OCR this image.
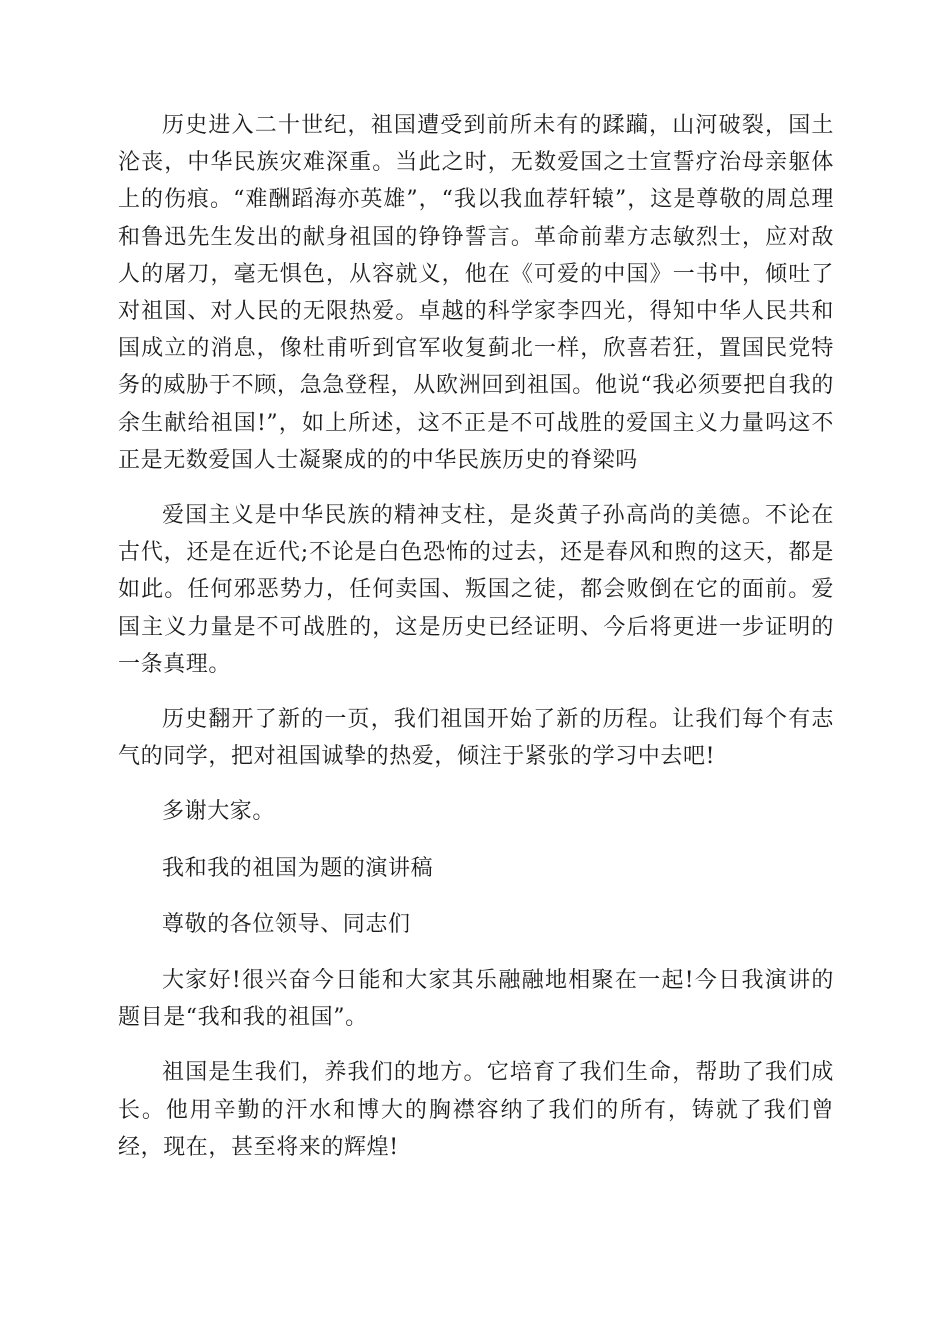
历史进入二十世纪，祖国遭受到前所未有的蹂躏，山河破裂，国土沦丧，中华民族灾难深重。当此之时，无数爱国之士宣誓疗治母亲躯体上的伤痕。“难酬蹈海亦英雄”，“我以我血荐轩辕”，这是尊敬的周总理和鲁迅先生发出的献身祖国的铮铮誓言。革命前辈方志敏烈士，应对敌人的屠刀，毫无惧色，从容就义，他在《可爱的中国》一书中，倾吐了对祖国、对人民的无限热爱。卓越的科学家李四光，得知中华人民共和国成立的消息，像杜甫听到官军收复蓟北一样，欣喜若狂，置国民党特务的威胁于不顾，急急登程，从欧洲回到祖国。他说“我必须要把自我的余生献给祖国!”，如上所述，这不正是不可战胜的爱国主义力量吗这不正是无数爱国人士凝聚成的的中华民族历史的脊梁吗

爱国主义是中华民族的精神支柱，是炎黄子孙高尚的美德。不论在古代，还是在近代;不论是白色恐怖的过去，还是春风和煦的这天，都是如此。任何邪恶势力，任何卖国、叛国之徒，都会败倒在它的面前。爱国主义力量是不可战胜的，这是历史已经证明、今后将更进一步证明的一条真理。

历史翻开了新的一页，我们祖国开始了新的历程。让我们每个有志气的同学，把对祖国诚挚的热爱，倾注于紧张的学习中去吧!

多谢大家。

我和我的祖国为题的演讲稿

尊敬的各位领导、同志们

大家好!很兴奋今日能和大家其乐融融地相聚在一起!今日我演讲的题目是“我和我的祖国”。

祖国是生我们，养我们的地方。它培育了我们生命，帮助了我们成长。他用辛勤的汗水和博大的胸襟容纳了我们的所有，铸就了我们曾经，现在，甚至将来的辉煌!
